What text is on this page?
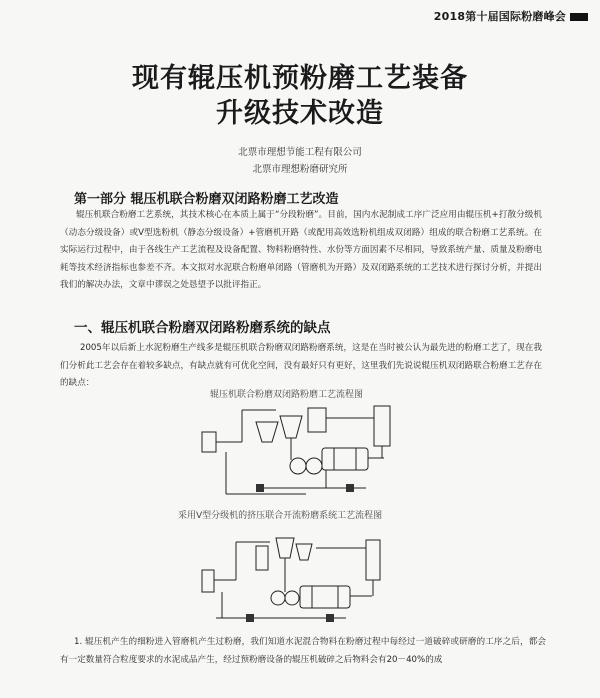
2018第十届国际粉磨峰会
现有辊压机预粉磨工艺装备
升级技术改造
北票市理想节能工程有限公司
北票市理想粉磨研究所
第一部分 辊压机联合粉磨双闭路粉磨工艺改造
辊压机联合粉磨工艺系统，其技术核心在本质上属于“分段粉磨”。目前，国内水泥制成工序广泛应用由辊压机+打散分级机（动态分级设备）或V型选粉机（静态分级设备）+管磨机开路（或配用高效选粉机组成双闭路）组成的联合粉磨工艺系统。在实际运行过程中，由于各线生产工艺流程及设备配置、物料粉磨特性、水份等方面因素不尽相同，导致系统产量、质量及粉磨电耗等技术经济指标也参差不齐。本文拟对水泥联合粉磨单闭路（管磨机为开路）及双闭路系统的工艺技术进行探讨分析，并提出我们的解决办法，文章中谬误之处恳望予以批评指正。
一、辊压机联合粉磨双闭路粉磨系统的缺点
2005年以后新上水泥粉磨生产线多是辊压机联合粉磨双闭路粉磨系统，这是在当时被公认为最先进的粉磨工艺了，现在我们分析此工艺会存在着较多缺点，有缺点就有可优化空间，没有最好只有更好，这里我们先说说辊压机双闭路联合粉磨工艺存在的缺点：
辊压机联合粉磨双闭路粉磨工艺流程图
采用V型分级机的挤压联合开流粉磨系统工艺流程图
1. 辊压机产生的细粉进入管磨机产生过粉磨，我们知道水泥混合物料在粉磨过程中每经过一道破碎或研磨的工序之后，都会有一定数量符合粒度要求的水泥成品产生，经过预粉磨设备的辊压机破碎之后物料会有20－40%的成
